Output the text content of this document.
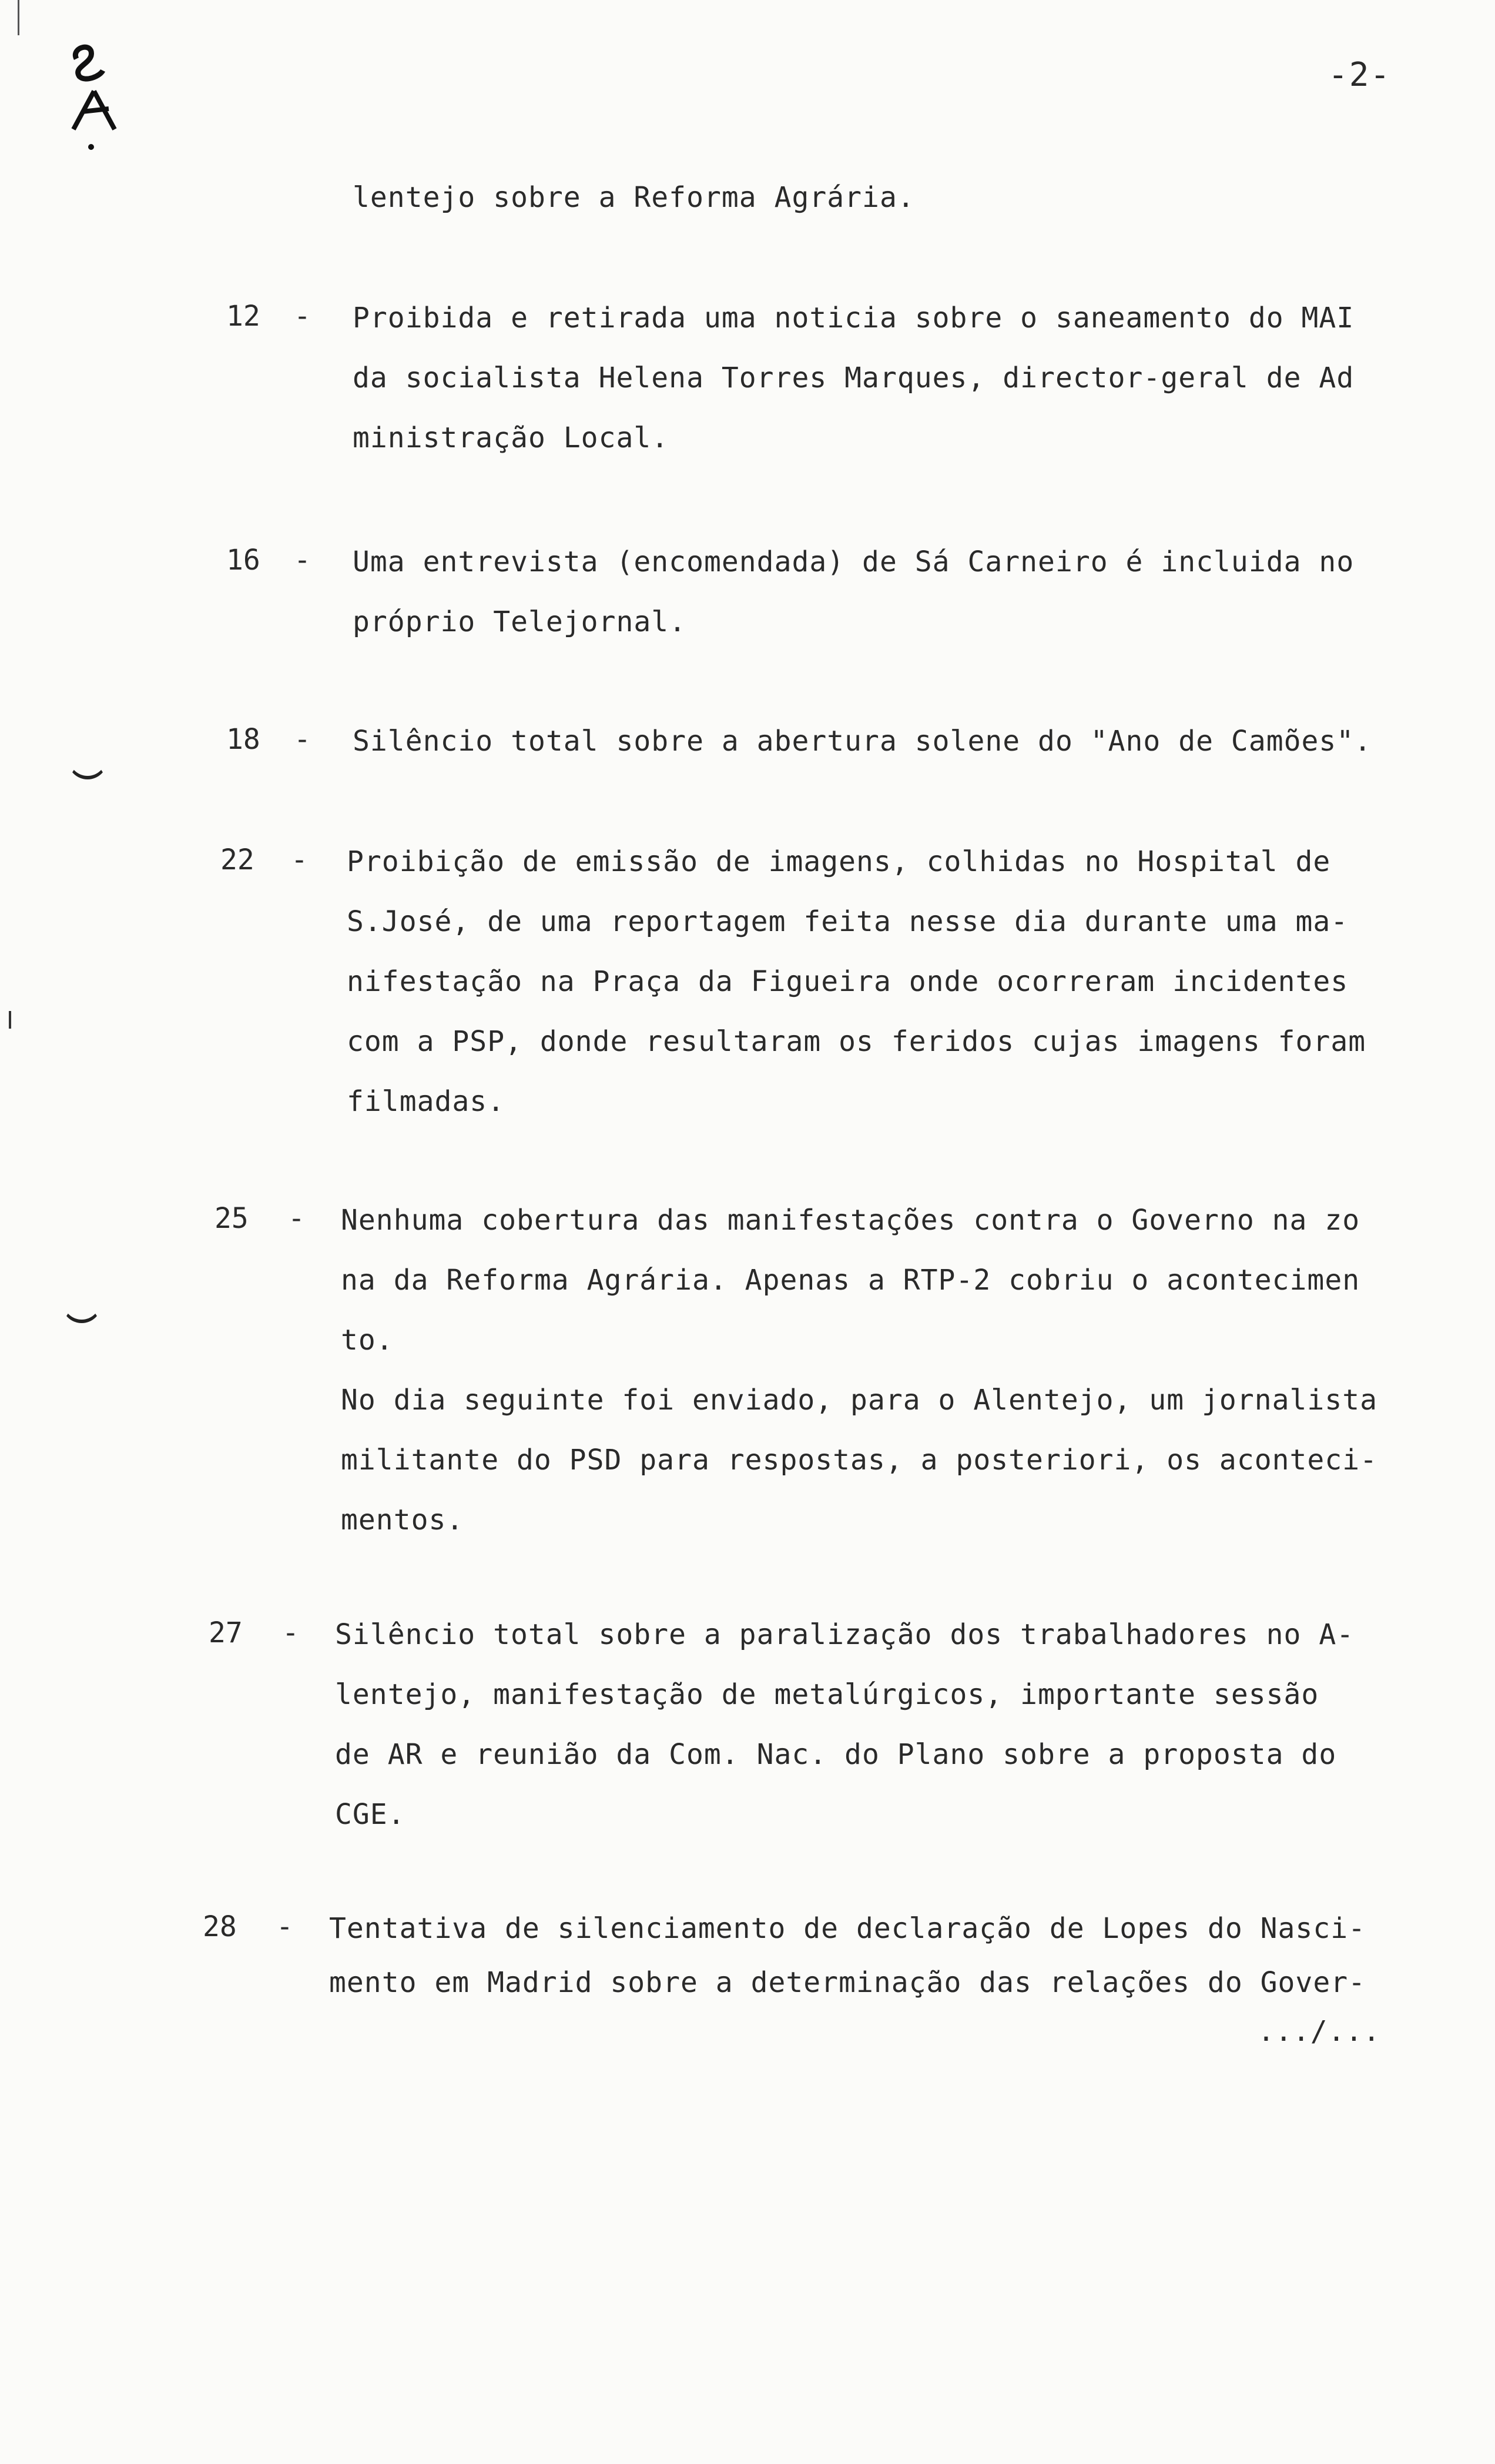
-2-
lentejo sobre a Reforma Agrária.
12 - Proibida e retirada uma noticia sobre o saneamento do MAI
da socialista Helena Torres Marques, director-geral de Ad
ministração Local.
16 - Uma entrevista (encomendada) de Sá Carneiro é incluida no
próprio Telejornal.
18 - Silêncio total sobre a abertura solene do "Ano de Camões".
22 - Proibição de emissão de imagens, colhidas no Hospital de
S.José, de uma reportagem feita nesse dia durante uma ma-
nifestação na Praça da Figueira onde ocorreram incidentes
com a PSP, donde resultaram os feridos cujas imagens foram
filmadas.
25 - Nenhuma cobertura das manifestações contra o Governo na zo
na da Reforma Agrária. Apenas a RTP-2 cobriu o acontecimen
to.
No dia seguinte foi enviado, para o Alentejo, um jornalista
militante do PSD para respostas, a posteriori, os aconteci-
mentos.
27 - Silêncio total sobre a paralização dos trabalhadores no A-
lentejo, manifestação de metalúrgicos, importante sessão
de AR e reunião da Com. Nac. do Plano sobre a proposta do
CGE.
28 - Tentativa de silenciamento de declaração de Lopes do Nasci-
mento em Madrid sobre a determinação das relações do Gover-
.../...
